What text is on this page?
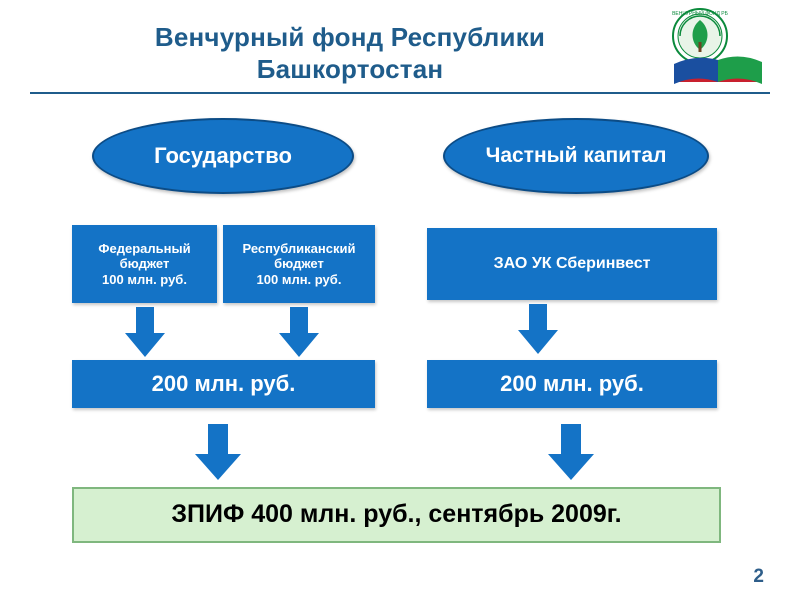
Венчурный фонд Республики Башкортостан
ВЕНЧУРНЫЙ ФОНД РБ
Государство	Частный капитал
Федеральный
бюджет
100 млн. руб.
Республиканский
бюджет
100 млн. руб.
ЗАО УК Сберинвест
200 млн. руб.	200 млн. руб.
ЗПИФ 400 млн. руб., сентябрь 2009г.
2
